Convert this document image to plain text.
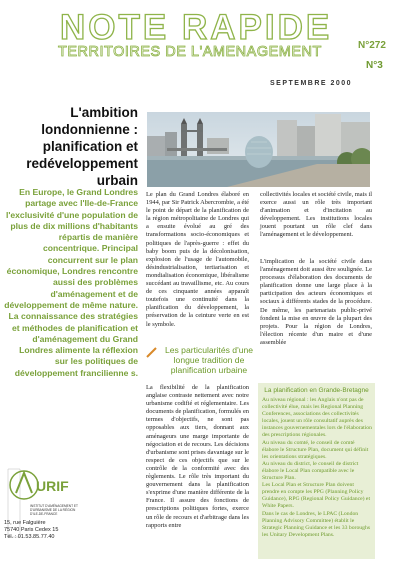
NOTE RAPIDE	N°272
TERRITOIRES DE L'AMENAGEMENT
N°3
SEPTEMBRE 2000
L'ambition londonnienne : planification et redéveloppement urbain
En Europe, le Grand Londres partage avec l'Ile-de-France l'exclusivité d'une population de plus de dix millions d'habitants répartis de manière concentrique. Principal concurrent sur le plan économique, Londres rencontre aussi des problèmes d'aménagement et de développement de même nature. La connaissance des stratégies et méthodes de planification et d'aménagement du Grand Londres alimente la réflexion sur les politiques de développement francilienne s.
URIF
INSTITUT D'AMÉNAGEMENT ET D'URBANISME DE LA RÉGION D'ILE-DE-FRANCE
15, rue Falguière
75740 Paris Cedex 15
Tél. : 01.53.85.77.40
Le plan du Grand Londres élaboré en 1944, par Sir Patrick Abercrombie, a été le point de départ de la planification de la région métropolitaine de Londres qui a ensuite évolué au gré des transformations socio-économiques et politiques de l'après-guerre : effet du baby boom puis de la décolonisation, explosion de l'usage de l'automobile, désindustrialisation, tertiarisation et mondialisation économique, libéralisme succédant au travaillisme, etc. Au cours de ces cinquante années apparaît toutefois une continuité dans la planification du développement, la préservation de la ceinture verte en est le symbole.
collectivités locales et société civile, mais il exerce aussi un rôle très important d'animation et d'incitation au développement. Les institutions locales jouent pourtant un rôle clef dans l'aménagement et le développement.
L'implication de la société civile dans l'aménagement doit aussi être soulignée. Le processus d'élaboration des documents de planification donne une large place à la participation des acteurs économiques et sociaux à différents stades de la procédure. De même, les partenariats public-privé fondent la mise en œuvre de la plupart des projets. Pour la région de Londres, l'élection récente d'un maire et d'une assemblée
Les particularités d'une longue tradition de planification urbaine
La flexibilité de la planification anglaise contraste nettement avec notre urbanisme codifié et réglementaire. Les documents de planification, formulés en termes d'objectifs, ne sont pas opposables aux tiers, donnant aux aménageurs une marge importante de négociation et de recours. Les décisions d'urbanisme sont prises davantage sur le respect de ces objectifs que sur le contrôle de la conformité avec des règlements. Le rôle très important du gouvernement dans la planification s'exprime d'une manière différente de la France. Il assure des fonctions de prescriptions politiques fortes, exerce un rôle de recours et d'arbitrage dans les rapports entre
La planification en Grande-Bretagne

Au niveau régional : les Anglais n'ont pas de collectivité élue, mais les Regional Planning Conferences, associations des collectivités locales, jouent un rôle consultatif auprès des instances gouvernementales lors de l'élaboration des prescriptions régionales.

Au niveau du comté, le conseil de comté élabore le Structure Plan, document qui définit les orientations stratégiques.

Au niveau du district, le conseil de district élabore le Local Plan compatible avec le Structure Plan.

Les Local Plan et Structure Plan doivent prendre en compte les PPG (Planning Policy Guidance), RPG (Regional Policy Guidance) et White Papers.

Dans le cas de Londres, le LPAC (London Planning Advisory Committee) établit le Strategic Planning Guidance et les 33 boroughs les Unitary Development Plans.
